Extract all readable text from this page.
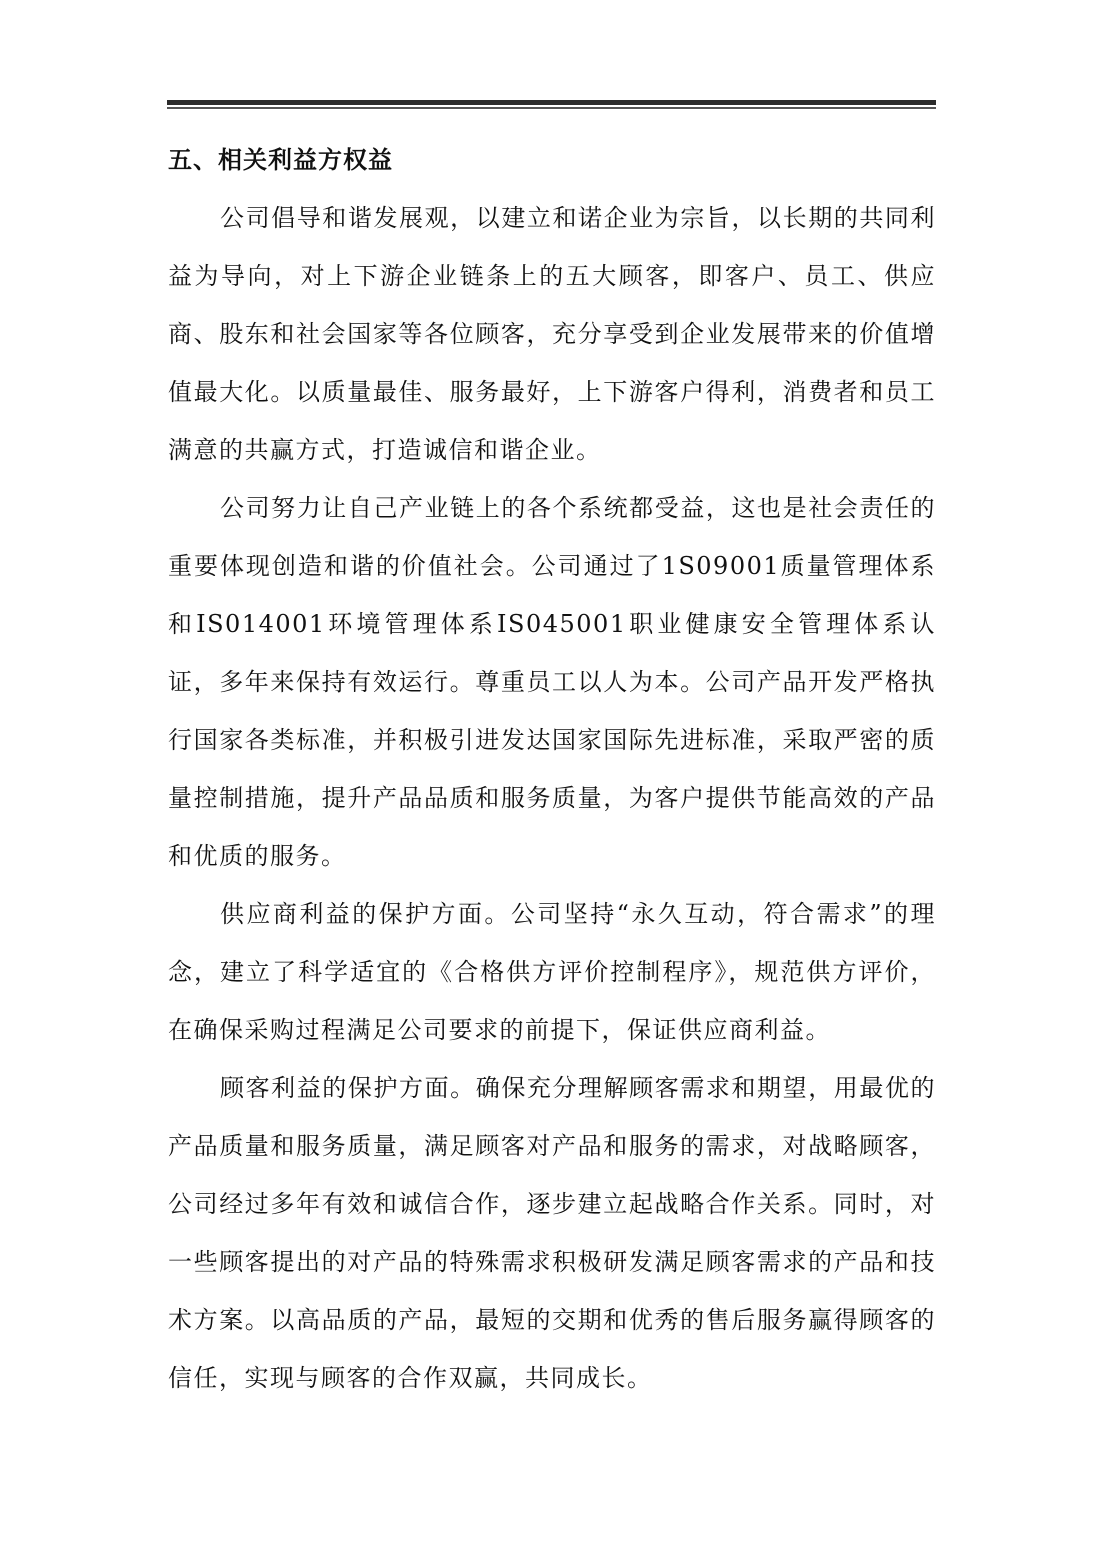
五、相关利益方权益

公司倡导和谐发展观，以建立和诺企业为宗旨，以长期的共同利益为导向，对上下游企业链条上的五大顾客，即客户、员工、供应商、股东和社会国家等各位顾客，充分享受到企业发展带来的价值增值最大化。以质量最佳、服务最好，上下游客户得利，消费者和员工满意的共赢方式，打造诚信和谐企业。

公司努力让自己产业链上的各个系统都受益，这也是社会责任的重要体现创造和谐的价值社会。公司通过了1S09001质量管理体系和IS014001环境管理体系IS045001职业健康安全管理体系认证，多年来保持有效运行。尊重员工以人为本。公司产品开发严格执行国家各类标准，并积极引进发达国家国际先进标准，采取严密的质量控制措施，提升产品品质和服务质量，为客户提供节能高效的产品和优质的服务。

供应商利益的保护方面。公司坚持“永久互动，符合需求”的理念，建立了科学适宜的《合格供方评价控制程序》，规范供方评价，在确保采购过程满足公司要求的前提下，保证供应商利益。

顾客利益的保护方面。确保充分理解顾客需求和期望，用最优的产品质量和服务质量，满足顾客对产品和服务的需求，对战略顾客，公司经过多年有效和诚信合作，逐步建立起战略合作关系。同时，对一些顾客提出的对产品的特殊需求积极研发满足顾客需求的产品和技术方案。以高品质的产品，最短的交期和优秀的售后服务赢得顾客的信任，实现与顾客的合作双赢，共同成长。
